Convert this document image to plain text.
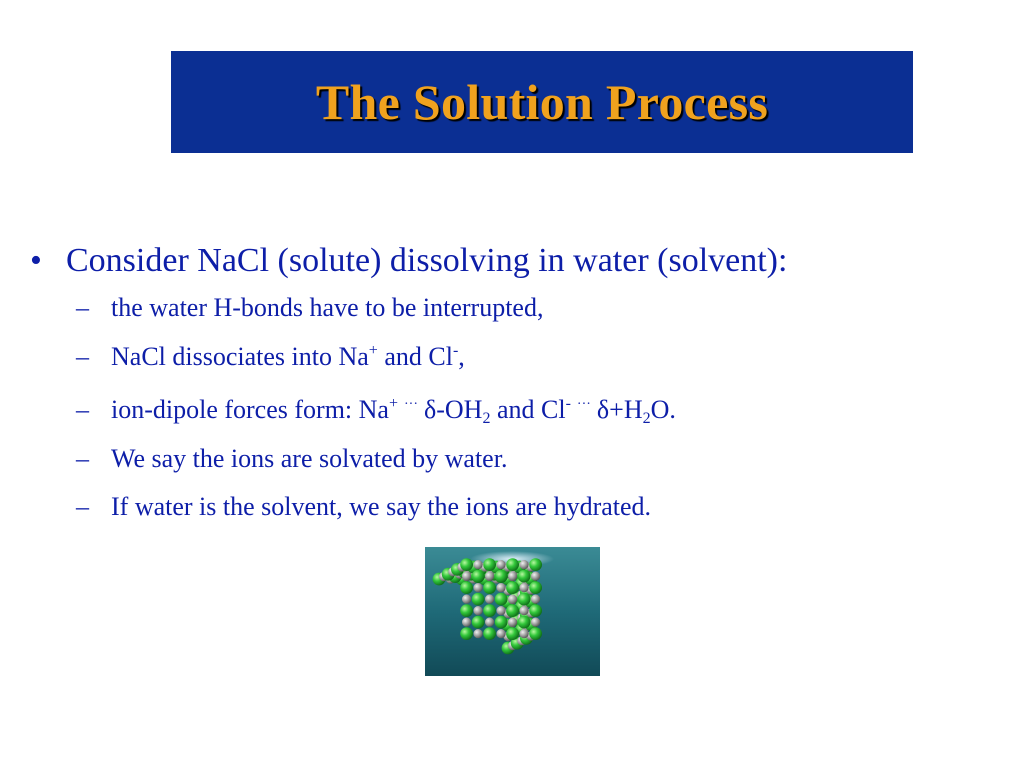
The Solution Process
• Consider NaCl (solute) dissolving in water (solvent):
– the water H-bonds have to be interrupted,
– NaCl dissociates into Na+ and Cl-,
– ion-dipole forces form: Na+ ··· $\delta-OH_2$ and Cl- ··· $\delta+H_2O$.
– We say the ions are solvated by water.
– If water is the solvent, we say the ions are hydrated.
